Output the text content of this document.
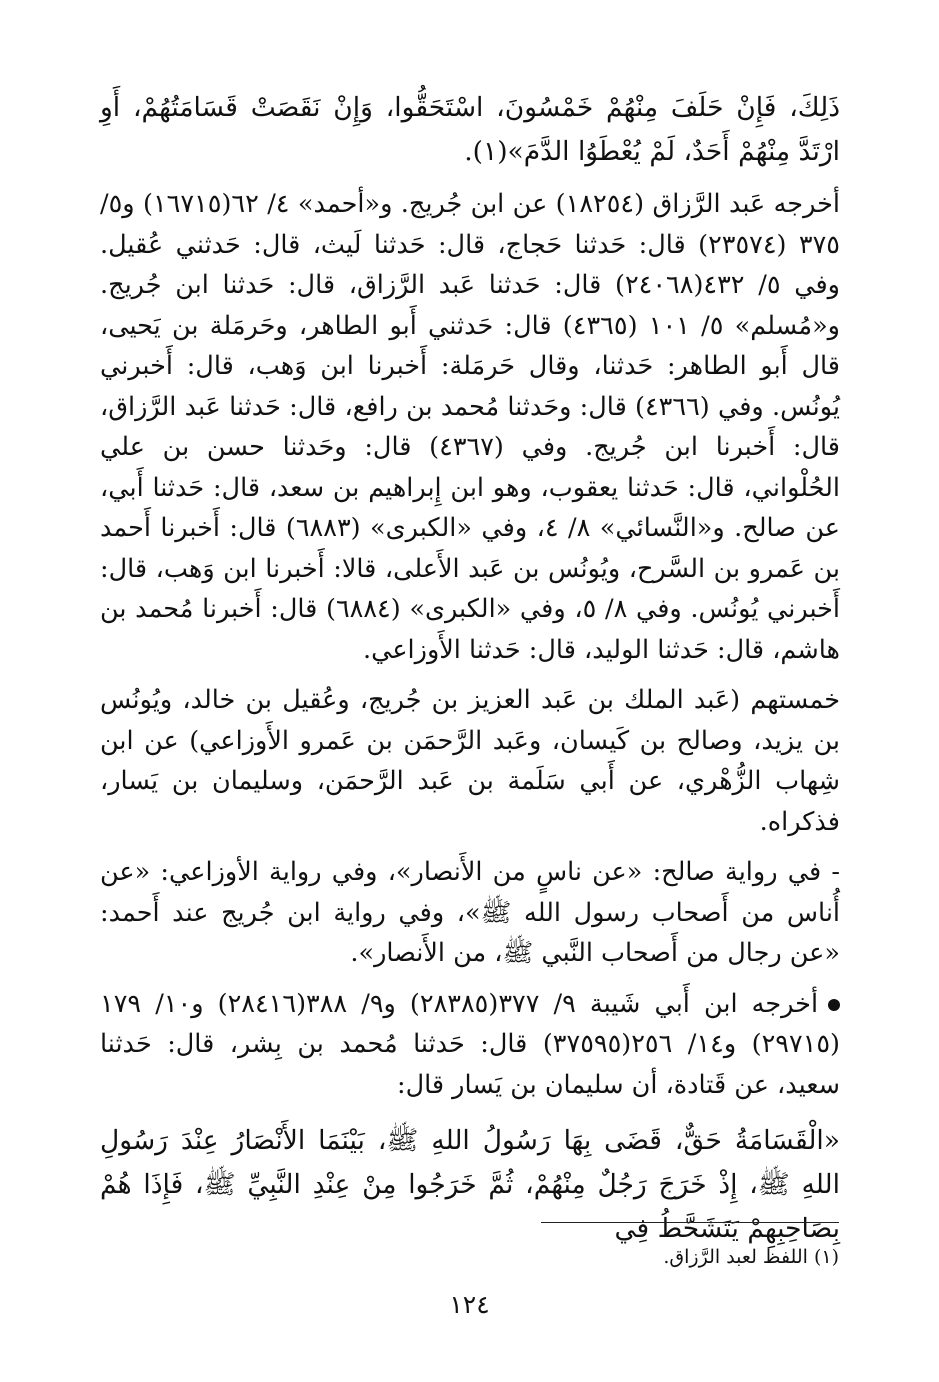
ذَلِكَ، فَإِنْ حَلَفَ مِنْهُمْ خَمْسُونَ، اسْتَحَقُّوا، وَإِنْ نَقَصَتْ قَسَامَتُهُمْ، أَوِ ارْتَدَّ مِنْهُمْ أَحَدٌ، لَمْ يُعْطَوُا الدَّمَ»(١).

أخرجه عَبد الرَّزاق (١٨٢٥٤) عن ابن جُريج. و«أحمد» ٤/ ٦٢(١٦٧١٥) و٥/ ٣٧٥ (٢٣٥٧٤) قال: حَدثنا حَجاج، قال: حَدثنا لَيث، قال: حَدثني عُقيل. وفي ٥/ ٤٣٢(٢٤٠٦٨) قال: حَدثنا عَبد الرَّزاق، قال: حَدثنا ابن جُريج. و«مُسلم» ٥/ ١٠١ (٤٣٦٥) قال: حَدثني أَبو الطاهر، وحَرمَلة بن يَحيى، قال أَبو الطاهر: حَدثنا، وقال حَرمَلة: أَخبرنا ابن وَهب، قال: أَخبرني يُونُس. وفي (٤٣٦٦) قال: وحَدثنا مُحمد بن رافع، قال: حَدثنا عَبد الرَّزاق، قال: أَخبرنا ابن جُريج. وفي (٤٣٦٧) قال: وحَدثنا حسن بن علي الحُلْواني، قال: حَدثنا يعقوب، وهو ابن إِبراهيم بن سعد، قال: حَدثنا أَبي، عن صالح. و«النَّسائي» ٨/ ٤، وفي «الكبرى» (٦٨٨٣) قال: أَخبرنا أَحمد بن عَمرو بن السَّرح، ويُونُس بن عَبد الأَعلى، قالا: أَخبرنا ابن وَهب، قال: أَخبرني يُونُس. وفي ٨/ ٥، وفي «الكبرى» (٦٨٨٤) قال: أَخبرنا مُحمد بن هاشم، قال: حَدثنا الوليد، قال: حَدثنا الأَوزاعي.

خمستهم (عَبد الملك بن عَبد العزيز بن جُريج، وعُقيل بن خالد، ويُونُس بن يزيد، وصالح بن كَيسان، وعَبد الرَّحمَن بن عَمرو الأَوزاعي) عن ابن شِهاب الزُّهْري، عن أَبي سَلَمة بن عَبد الرَّحمَن، وسليمان بن يَسار، فذكراه.

- في رواية صالح: «عن ناسٍ من الأَنصار»، وفي رواية الأوزاعي: «عن أُناس من أَصحاب رسول الله ﷺ»، وفي رواية ابن جُريج عند أَحمد: «عن رجال من أَصحاب النَّبي ﷺ، من الأَنصار».

أخرجه ابن أَبي شَيبة ٩/ ٣٧٧(٢٨٣٨٥) و٩/ ٣٨٨(٢٨٤١٦) و١٠/ ١٧٩ (٢٩٧١٥) و١٤/ ٢٥٦(٣٧٥٩٥) قال: حَدثنا مُحمد بن بِشر، قال: حَدثنا سعيد، عن قَتادة، أن سليمان بن يَسار قال:

«الْقَسَامَةُ حَقٌّ، قَضَى بِهَا رَسُولُ اللهِ ﷺ، بَيْنَمَا الأَنْصَارُ عِنْدَ رَسُولِ اللهِ ﷺ، إِذْ خَرَجَ رَجُلٌ مِنْهُمْ، ثُمَّ خَرَجُوا مِنْ عِنْدِ النَّبِيِّ ﷺ، فَإِذَا هُمْ بِصَاحِبِهِمْ يَتَشَحَّطُ فِي

(١) اللفظ لعبد الرَّزاق.
١٢٤
